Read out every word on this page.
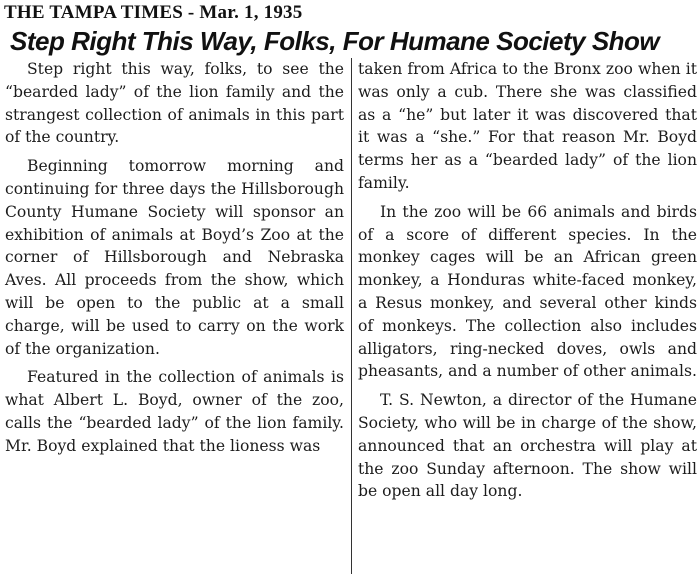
THE TAMPA TIMES - Mar. 1, 1935
Step Right This Way, Folks, For Humane Society Show

Step right this way, folks, to see the “bearded lady” of the lion family and the strangest collection of animals in this part of the country.

Beginning tomorrow morning and continuing for three days the Hillsborough County Humane Society will sponsor an exhibition of animals at Boyd’s Zoo at the corner of Hillsborough and Nebraska Aves. All proceeds from the show, which will be open to the public at a small charge, will be used to carry on the work of the organization.

Featured in the collection of animals is what Albert L. Boyd, owner of the zoo, calls the “bearded lady” of the lion family. Mr. Boyd explained that the lioness was

taken from Africa to the Bronx zoo when it was only a cub. There she was classified as a “he” but later it was discovered that it was a “she.” For that reason Mr. Boyd terms her as a “bearded lady” of the lion family.

In the zoo will be 66 animals and birds of a score of different species. In the monkey cages will be an African green monkey, a Honduras white-faced monkey, a Resus monkey, and several other kinds of monkeys. The collection also includes alligators, ring-necked doves, owls and pheasants, and a number of other animals.

T. S. Newton, a director of the Humane Society, who will be in charge of the show, announced that an orchestra will play at the zoo Sunday afternoon. The show will be open all day long.
